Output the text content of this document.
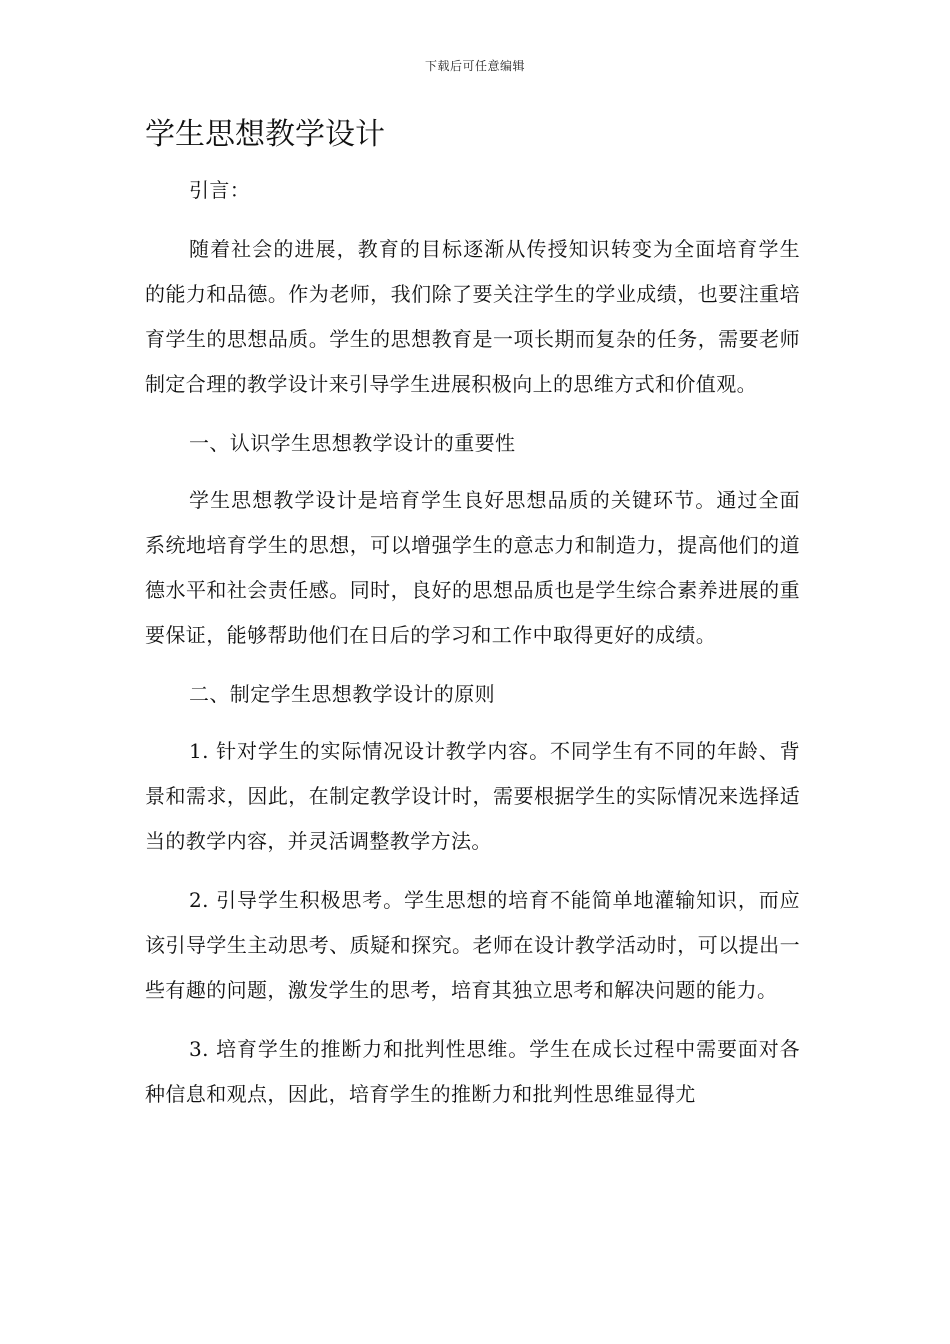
下载后可任意编辑
学生思想教学设计

引言：

随着社会的进展，教育的目标逐渐从传授知识转变为全面培育学生的能力和品德。作为老师，我们除了要关注学生的学业成绩，也要注重培育学生的思想品质。学生的思想教育是一项长期而复杂的任务，需要老师制定合理的教学设计来引导学生进展积极向上的思维方式和价值观。

一、认识学生思想教学设计的重要性

学生思想教学设计是培育学生良好思想品质的关键环节。通过全面系统地培育学生的思想，可以增强学生的意志力和制造力，提高他们的道德水平和社会责任感。同时，良好的思想品质也是学生综合素养进展的重要保证，能够帮助他们在日后的学习和工作中取得更好的成绩。

二、制定学生思想教学设计的原则

1. 针对学生的实际情况设计教学内容。不同学生有不同的年龄、背景和需求，因此，在制定教学设计时，需要根据学生的实际情况来选择适当的教学内容，并灵活调整教学方法。

2. 引导学生积极思考。学生思想的培育不能简单地灌输知识，而应该引导学生主动思考、质疑和探究。老师在设计教学活动时，可以提出一些有趣的问题，激发学生的思考，培育其独立思考和解决问题的能力。

3. 培育学生的推断力和批判性思维。学生在成长过程中需要面对各种信息和观点，因此，培育学生的推断力和批判性思维显得尤
